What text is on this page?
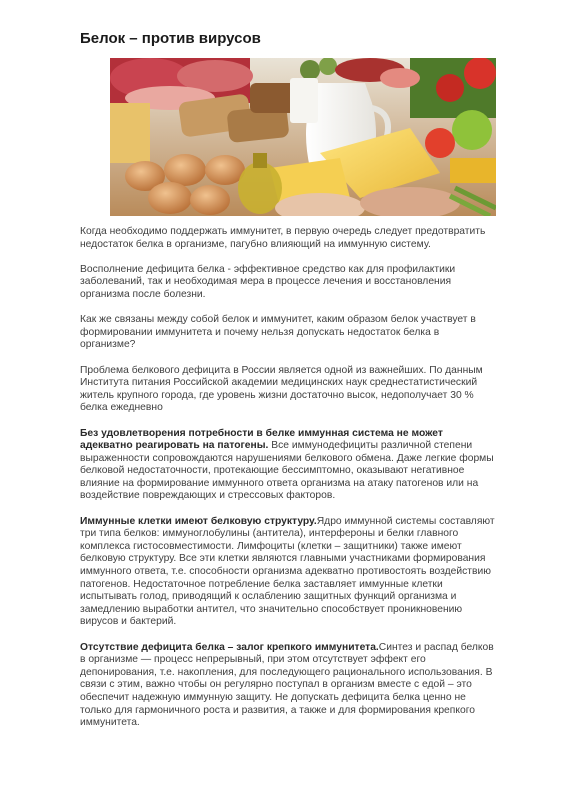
Белок – против вирусов

Когда необходимо поддержать иммунитет, в первую очередь следует предотвратить недостаток белка в организме, пагубно влияющий на иммунную систему.

Восполнение дефицита белка - эффективное средство как для профилактики заболеваний, так и необходимая мера в процессе лечения и восстановления организма после болезни.

Как же связаны между собой белок и иммунитет, каким образом белок участвует в формировании иммунитета и почему нельзя допускать недостаток белка в организме?

Проблема белкового дефицита в России является одной из важнейших. По данным Института питания Российской академии медицинских наук среднестатистический житель крупного города, где уровень жизни достаточно высок, недополучает 30 % белка ежедневно

Без удовлетворения потребности в белке иммунная система не может адекватно реагировать на патогены. Все иммунодефициты различной степени выраженности сопровождаются нарушениями белкового обмена. Даже легкие формы белковой недостаточности, протекающие бессимптомно, оказывают негативное влияние на формирование иммунного ответа организма на атаку патогенов или на воздействие повреждающих и стрессовых факторов.

Иммунные клетки имеют белковую структуру.Ядро иммунной системы составляют три типа белков: иммуноглобулины (антитела), интерфероны и белки главного комплекса гистосовместимости. Лимфоциты (клетки – защитники) также имеют белковую структуру. Все эти клетки являются главными участниками формирования иммунного ответа, т.е. способности организма адекватно противостоять воздействию патогенов. Недостаточное потребление белка заставляет иммунные клетки испытывать голод, приводящий к ослаблению защитных функций организма и замедлению выработки антител, что значительно способствует проникновению вирусов и бактерий.

Отсутствие дефицита белка – залог крепкого иммунитета.Синтез и распад белков в организме — процесс непрерывный, при этом отсутствует эффект его депонирования, т.е. накопления, для последующего рационального использования. В связи с этим, важно чтобы он регулярно поступал в организм вместе с едой – это обеспечит надежную иммунную защиту. Не допускать дефицита белка ценно не только для гармоничного роста и развития, а также и для формирования крепкого иммунитета.
